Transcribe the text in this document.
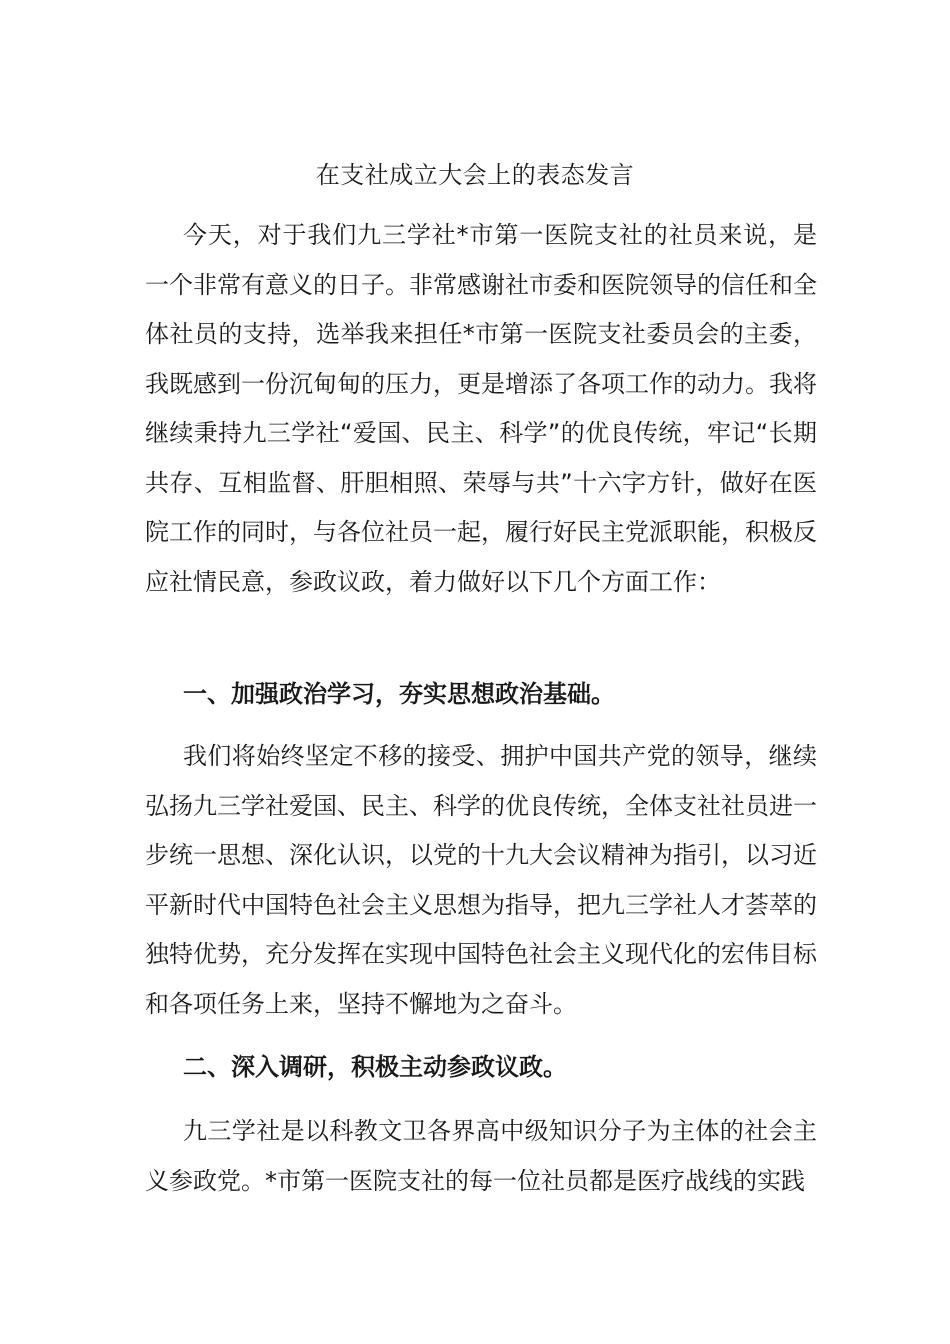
在支社成立大会上的表态发言

今天，对于我们九三学社*市第一医院支社的社员来说，是一个非常有意义的日子。非常感谢社市委和医院领导的信任和全体社员的支持，选举我来担任*市第一医院支社委员会的主委，我既感到一份沉甸甸的压力，更是增添了各项工作的动力。我将继续秉持九三学社“爱国、民主、科学”的优良传统，牢记“长期共存、互相监督、肝胆相照、荣辱与共”十六字方针，做好在医院工作的同时，与各位社员一起，履行好民主党派职能，积极反应社情民意，参政议政，着力做好以下几个方面工作：

一、加强政治学习，夯实思想政治基础。

我们将始终坚定不移的接受、拥护中国共产党的领导，继续弘扬九三学社爱国、民主、科学的优良传统，全体支社社员进一步统一思想、深化认识，以党的十九大会议精神为指引，以习近平新时代中国特色社会主义思想为指导，把九三学社人才荟萃的独特优势，充分发挥在实现中国特色社会主义现代化的宏伟目标和各项任务上来，坚持不懈地为之奋斗。

二、深入调研，积极主动参政议政。

九三学社是以科教文卫各界高中级知识分子为主体的社会主义参政党。*市第一医院支社的每一位社员都是医疗战线的实践
